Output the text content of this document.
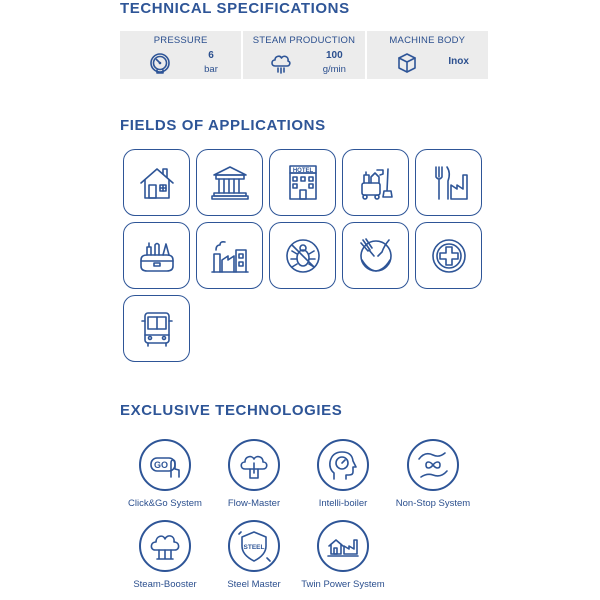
TECHNICAL SPECIFICATIONS
PRESSURE
6
bar
STEAM PRODUCTION
100
g/min
MACHINE BODY
Inox
FIELDS OF APPLICATIONS
HOTEL
EXCLUSIVE TECHNOLOGIES
GO
Click&Go System	Flow-Master	Intelli-boiler	Non-Stop System
Steam-Booster
STEEL
Steel Master	Twin Power System
